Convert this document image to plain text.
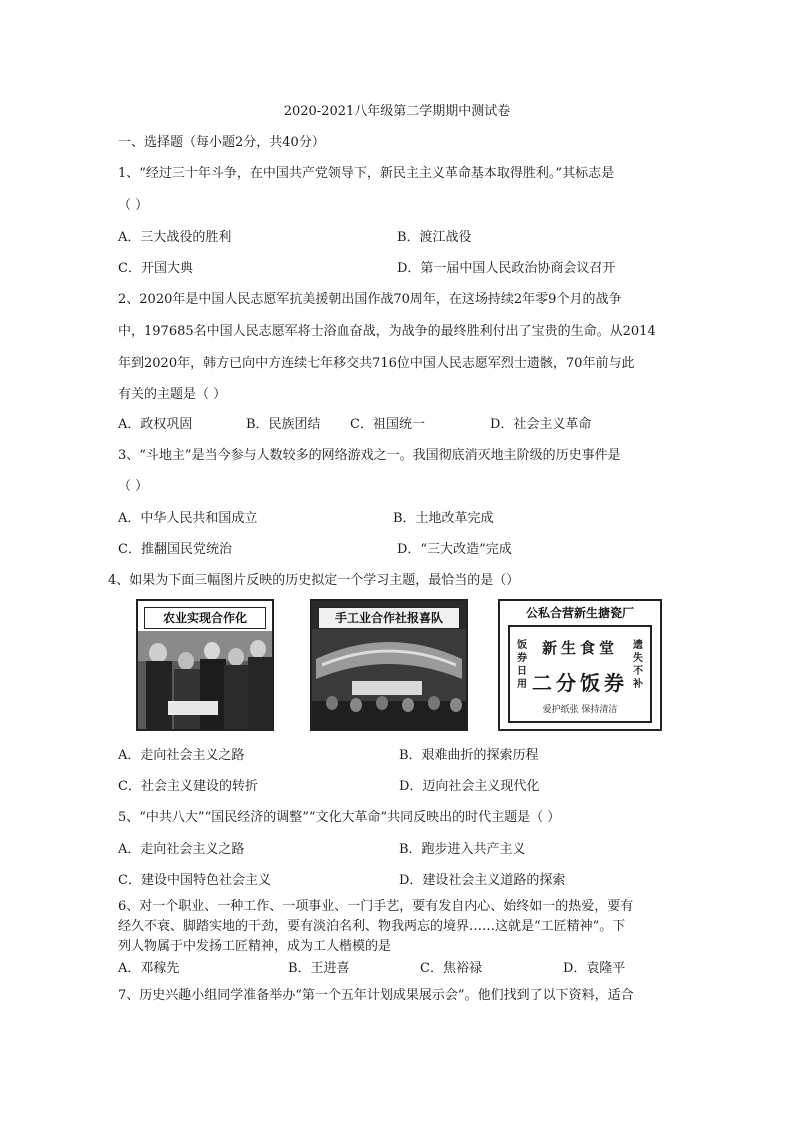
2020-2021八年级第二学期期中测试卷
一、选择题（每小题2分，共40分）
1、“经过三十年斗争，在中国共产党领导下，新民主主义革命基本取得胜利。”其标志是
（ ）
A．三大战役的胜利	B．渡江战役
C．开国大典	D．第一届中国人民政治协商会议召开
2、2020年是中国人民志愿军抗美援朝出国作战70周年，在这场持续2年零9个月的战争
中，197685名中国人民志愿军将士浴血奋战，为战争的最终胜利付出了宝贵的生命。从2014
年到2020年，韩方已向中方连续七年移交共716位中国人民志愿军烈士遗骸，70年前与此
有关的主题是（ ）
A．政权巩固	B．民族团结 C．祖国统一	D．社会主义革命
3、“斗地主”是当今参与人数较多的网络游戏之一。我国彻底消灭地主阶级的历史事件是
（ ）
A．中华人民共和国成立	B．土地改革完成
C．推翻国民党统治	D．“三大改造”完成
4、如果为下面三幅图片反映的历史拟定一个学习主题，最恰当的是（）
农业实现合作化	手工业合作社报喜队	公私合营新生搪瓷厂
饭券日用
新生食堂
二分饭券
遗失不补
爱护纸张 保持清洁
A．走向社会主义之路	B．艰难曲折的探索历程
C．社会主义建设的转折	D．迈向社会主义现代化
5、“中共八大”“国民经济的调整”“文化大革命”共同反映出的时代主题是（ ）
A．走向社会主义之路	B．跑步进入共产主义
C．建设中国特色社会主义	D．建设社会主义道路的探索
6、对一个职业、一种工作、一项事业、一门手艺，要有发自内心、始终如一的热爱，要有
经久不衰、脚踏实地的干劲，要有淡泊名利、物我两忘的境界……这就是“工匠精神”。下
列人物属于中发扬工匠精神，成为工人楷模的是
A．邓稼先	B．王进喜	C．焦裕禄	D．袁隆平
7、历史兴趣小组同学准备举办“第一个五年计划成果展示会”。他们找到了以下资料，适合
